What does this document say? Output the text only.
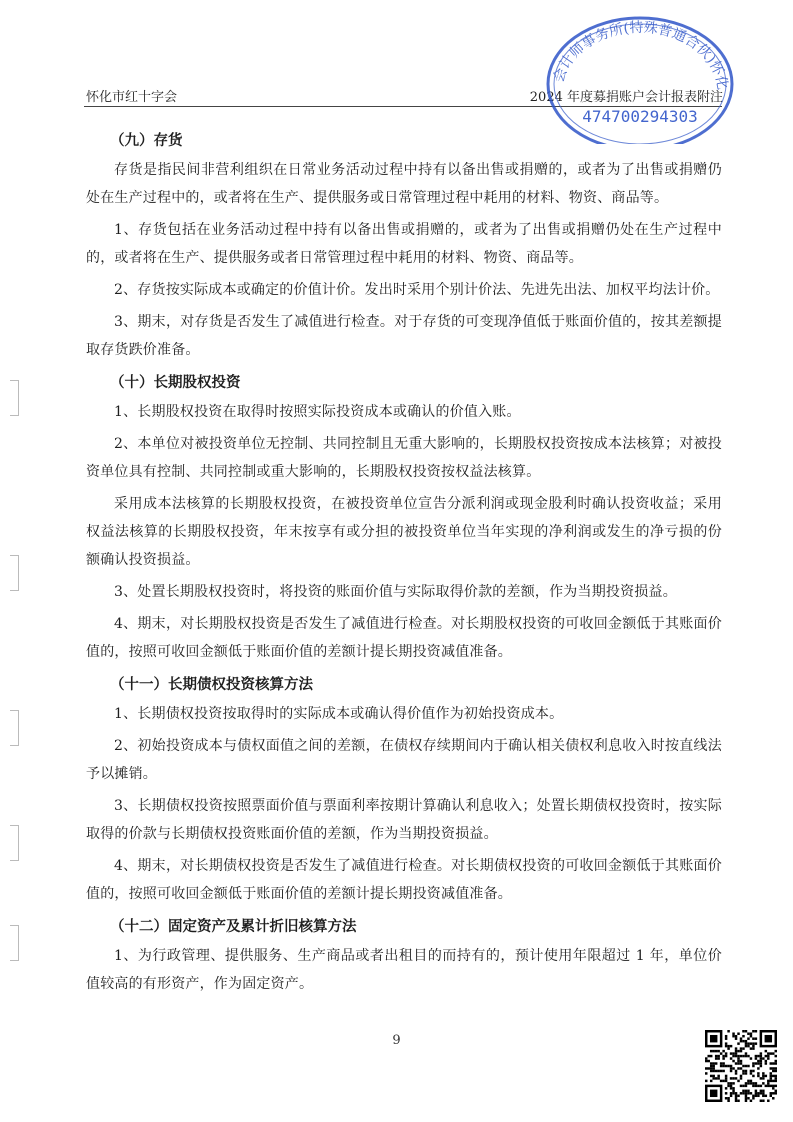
怀化市红十字会	2024 年度募捐账户会计报表附注
会计师事务所(特殊普通合伙)怀化
474700294303
（九）存货

存货是指民间非营利组织在日常业务活动过程中持有以备出售或捐赠的，或者为了出售或捐赠仍处在生产过程中的，或者将在生产、提供服务或日常管理过程中耗用的材料、物资、商品等。

1、存货包括在业务活动过程中持有以备出售或捐赠的，或者为了出售或捐赠仍处在生产过程中的，或者将在生产、提供服务或者日常管理过程中耗用的材料、物资、商品等。

2、存货按实际成本或确定的价值计价。发出时采用个别计价法、先进先出法、加权平均法计价。

3、期末，对存货是否发生了减值进行检查。对于存货的可变现净值低于账面价值的，按其差额提取存货跌价准备。

（十）长期股权投资

1、长期股权投资在取得时按照实际投资成本或确认的价值入账。

2、本单位对被投资单位无控制、共同控制且无重大影响的，长期股权投资按成本法核算；对被投资单位具有控制、共同控制或重大影响的，长期股权投资按权益法核算。

采用成本法核算的长期股权投资，在被投资单位宣告分派利润或现金股利时确认投资收益；采用权益法核算的长期股权投资，年末按享有或分担的被投资单位当年实现的净利润或发生的净亏损的份额确认投资损益。

3、处置长期股权投资时，将投资的账面价值与实际取得价款的差额，作为当期投资损益。

4、期末，对长期股权投资是否发生了减值进行检查。对长期股权投资的可收回金额低于其账面价值的，按照可收回金额低于账面价值的差额计提长期投资减值准备。

（十一）长期债权投资核算方法

1、长期债权投资按取得时的实际成本或确认得价值作为初始投资成本。

2、初始投资成本与债权面值之间的差额，在债权存续期间内于确认相关债权利息收入时按直线法予以摊销。

3、长期债权投资按照票面价值与票面利率按期计算确认利息收入；处置长期债权投资时，按实际取得的价款与长期债权投资账面价值的差额，作为当期投资损益。

4、期末，对长期债权投资是否发生了减值进行检查。对长期债权投资的可收回金额低于其账面价值的，按照可收回金额低于账面价值的差额计提长期投资减值准备。

（十二）固定资产及累计折旧核算方法

1、为行政管理、提供服务、生产商品或者出租目的而持有的，预计使用年限超过 1 年，单位价值较高的有形资产，作为固定资产。

9
